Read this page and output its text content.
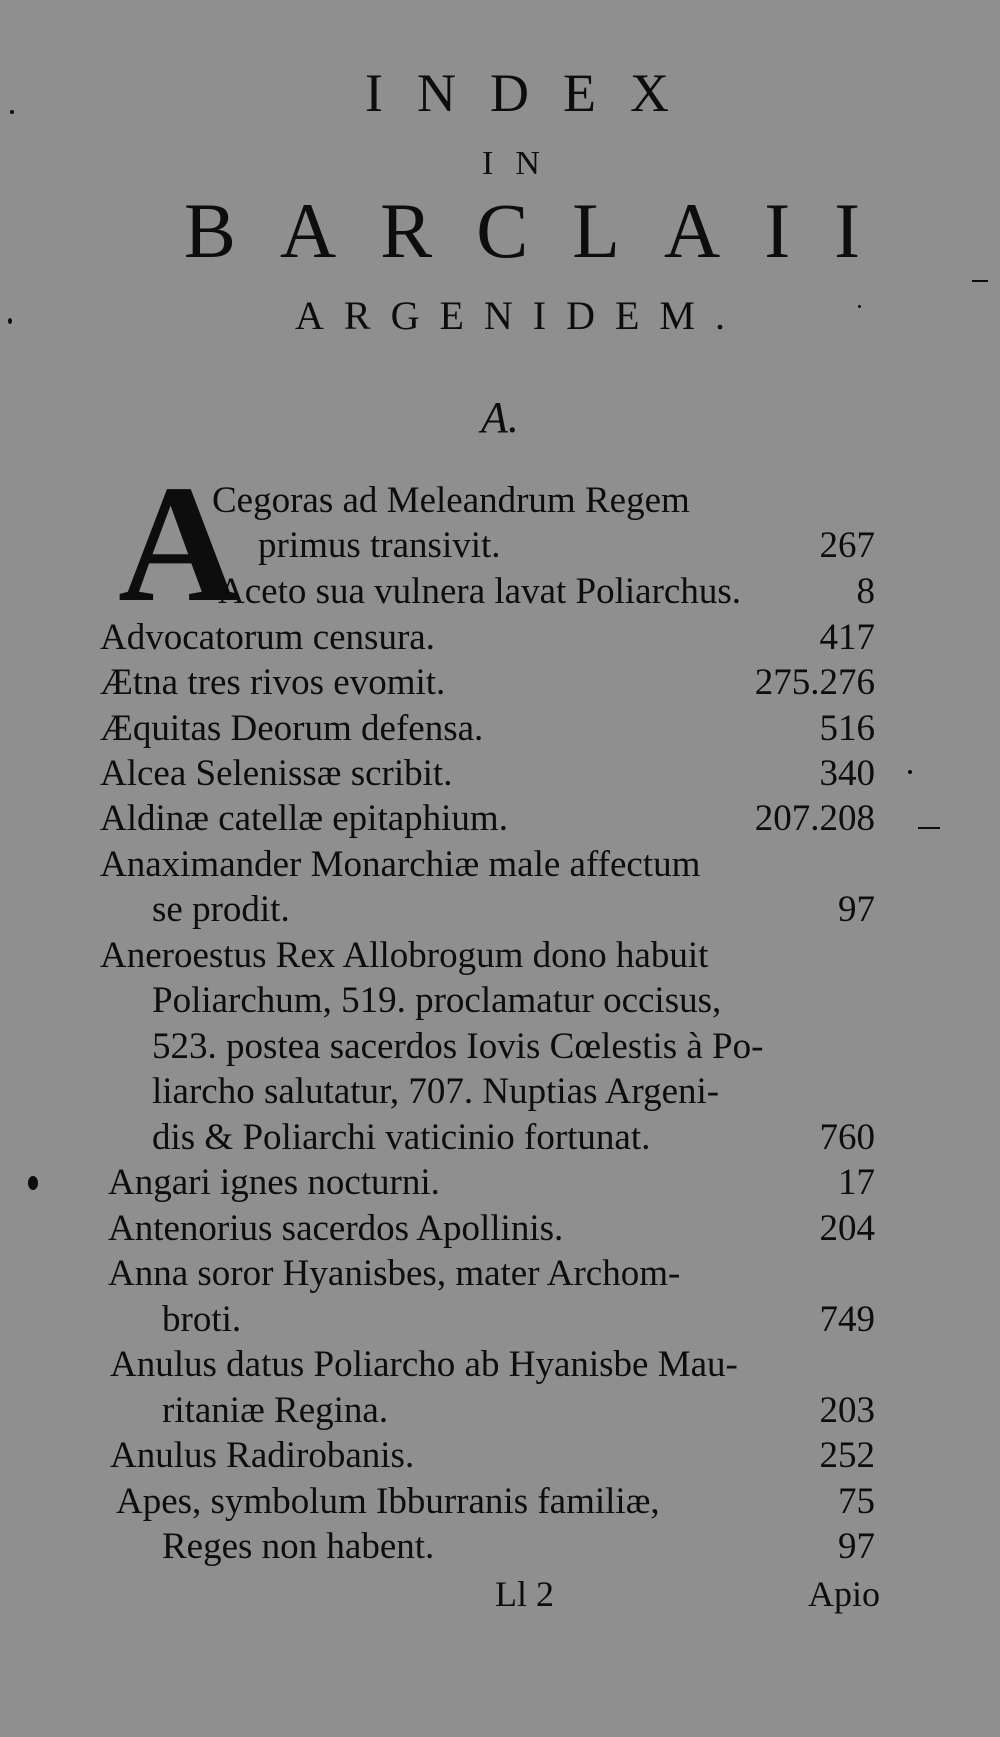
INDEX
IN
BARCLAII
ARGENIDEM.
A.
A
Cegoras ad Meleandrum Regem
primus transivit.	267
Aceto sua vulnera lavat Poliarchus.	8
Advocatorum censura.	417
Ætna tres rivos evomit.	275.276
Æquitas Deorum defensa.	516
Alcea Selenissæ scribit.	340
Aldinæ catellæ epitaphium.	207.208
Anaximander Monarchiæ male affectum
se prodit.	97
Aneroestus Rex Allobrogum dono habuit
Poliarchum, 519. proclamatur occisus,
523. postea sacerdos Iovis Cœlestis à Po-
liarcho salutatur, 707. Nuptias Argeni-
dis & Poliarchi vaticinio fortunat.	760
Angari ignes nocturni.	17
Antenorius sacerdos Apollinis.	204
Anna soror Hyanisbes, mater Archom-
broti.	749
Anulus datus Poliarcho ab Hyanisbe Mau-
ritaniæ Regina.	203
Anulus Radirobanis.	252
Apes, symbolum Ibburranis familiæ,	75
Reges non habent.	97
Ll 2	Apio
